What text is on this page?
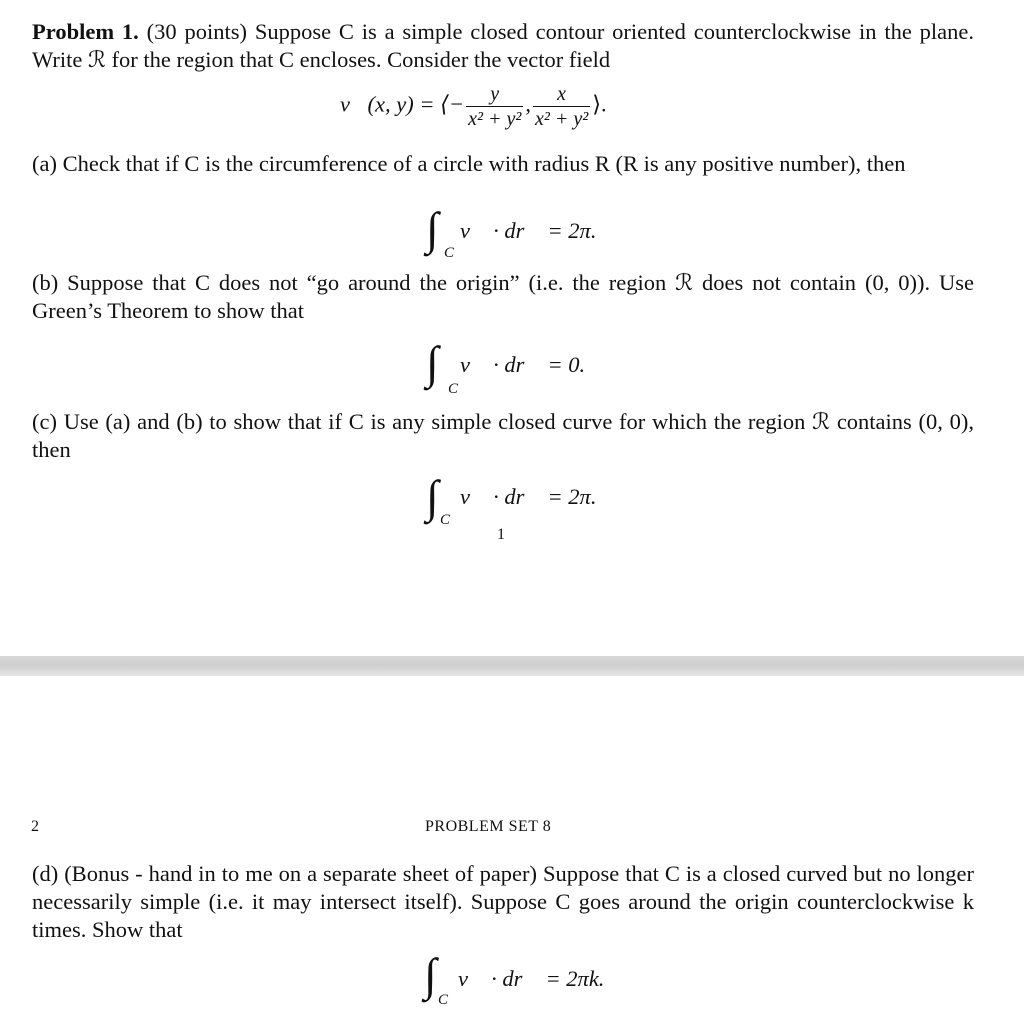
Problem 1. (30 points) Suppose C is a simple closed contour oriented counterclockwise in the plane. Write ℛ for the region that C encloses. Consider the vector field
v⃗(x, y) = ⟨− $\frac{y}{\text{x² + y²}}$ , $\frac{x}{\text{x² + y²}}$ ⟩.
(a) Check that if C is the circumference of a circle with radius R (R is any positive number), then
∫ C
v⃗ · dr⃗ = 2π.
(b) Suppose that C does not “go around the origin” (i.e. the region ℛ does not contain (0, 0)). Use Green’s Theorem to show that
∫
C
v⃗ · dr⃗ = 0.
(c) Use (a) and (b) to show that if C is any simple closed curve for which the region ℛ contains (0, 0), then
∫ C
v⃗ · dr⃗ = 2π.
1
2	PROBLEM SET 8
(d) (Bonus - hand in to me on a separate sheet of paper) Suppose that C is a closed curved but no longer necessarily simple (i.e. it may intersect itself). Suppose C goes around the origin counterclockwise k times. Show that
∫ C
v⃗ · dr⃗ = 2πk.
